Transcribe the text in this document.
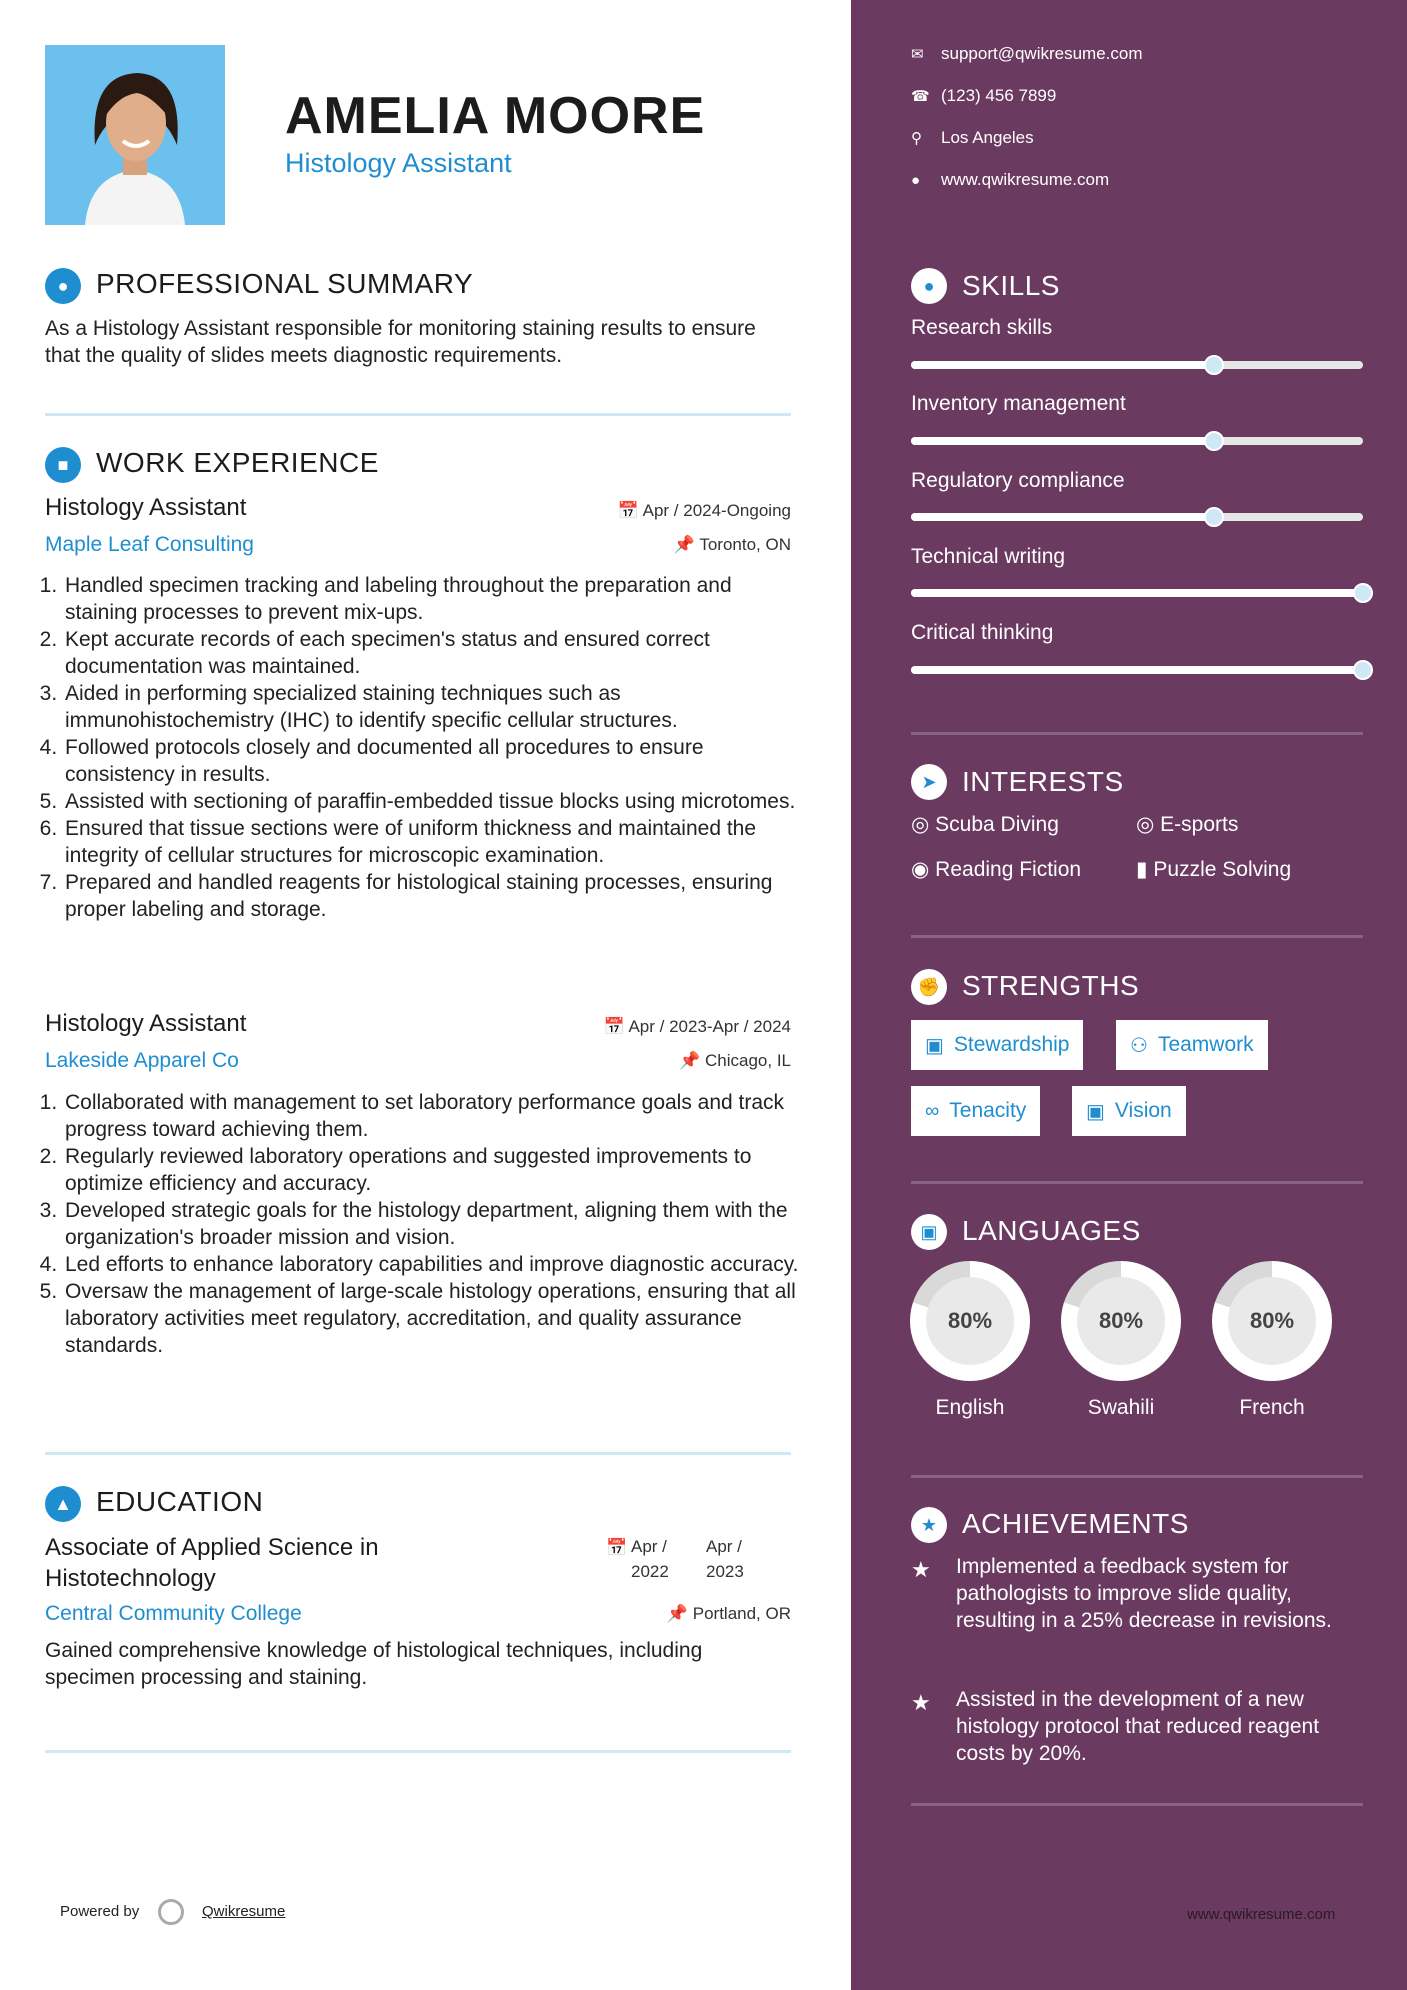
AMELIA MOORE
Histology Assistant
● PROFESSIONAL SUMMARY
As a Histology Assistant responsible for monitoring staining results to ensure that the quality of slides meets diagnostic requirements.
■ WORK EXPERIENCE
Histology Assistant	📅 Apr / 2024-Ongoing
Maple Leaf Consulting	📌 Toronto, ON
1. Handled specimen tracking and labeling throughout the preparation and staining processes to prevent mix-ups.
2. Kept accurate records of each specimen's status and ensured correct documentation was maintained.
3. Aided in performing specialized staining techniques such as immunohistochemistry (IHC) to identify specific cellular structures.
4. Followed protocols closely and documented all procedures to ensure consistency in results.
5. Assisted with sectioning of paraffin-embedded tissue blocks using microtomes.
6. Ensured that tissue sections were of uniform thickness and maintained the integrity of cellular structures for microscopic examination.
7. Prepared and handled reagents for histological staining processes, ensuring proper labeling and storage.
Histology Assistant	📅 Apr / 2023-Apr / 2024
Lakeside Apparel Co	📌 Chicago, IL
1. Collaborated with management to set laboratory performance goals and track progress toward achieving them.
2. Regularly reviewed laboratory operations and suggested improvements to optimize efficiency and accuracy.
3. Developed strategic goals for the histology department, aligning them with the organization's broader mission and vision.
4. Led efforts to enhance laboratory capabilities and improve diagnostic accuracy.
5. Oversaw the management of large-scale histology operations, ensuring that all laboratory activities meet regulatory, accreditation, and quality assurance standards.
▲ EDUCATION
Associate of Applied Science in Histotechnology
📅 Apr / 2022
Apr / 2023
Central Community College	📌 Portland, OR
Gained comprehensive knowledge of histological techniques, including specimen processing and staining.
Powered by	Qwikresume
✉ support@qwikresume.com
☎ (123) 456 7899
⚲ Los Angeles
● www.qwikresume.com
● SKILLS
Research skills
Inventory management
Regulatory compliance
Technical writing
Critical thinking
➤ INTERESTS
◎ Scuba Diving	◎ E-sports
◉ Reading Fiction	▮ Puzzle Solving
✊ STRENGTHS
▣ Stewardship	⚇ Teamwork
∞ Tenacity	▣ Vision
▣ LANGUAGES
80%
English
80%
Swahili
80%
French
★ ACHIEVEMENTS
★ Implemented a feedback system for pathologists to improve slide quality, resulting in a 25% decrease in revisions.
★ Assisted in the development of a new histology protocol that reduced reagent costs by 20%.
www.qwikresume.com
